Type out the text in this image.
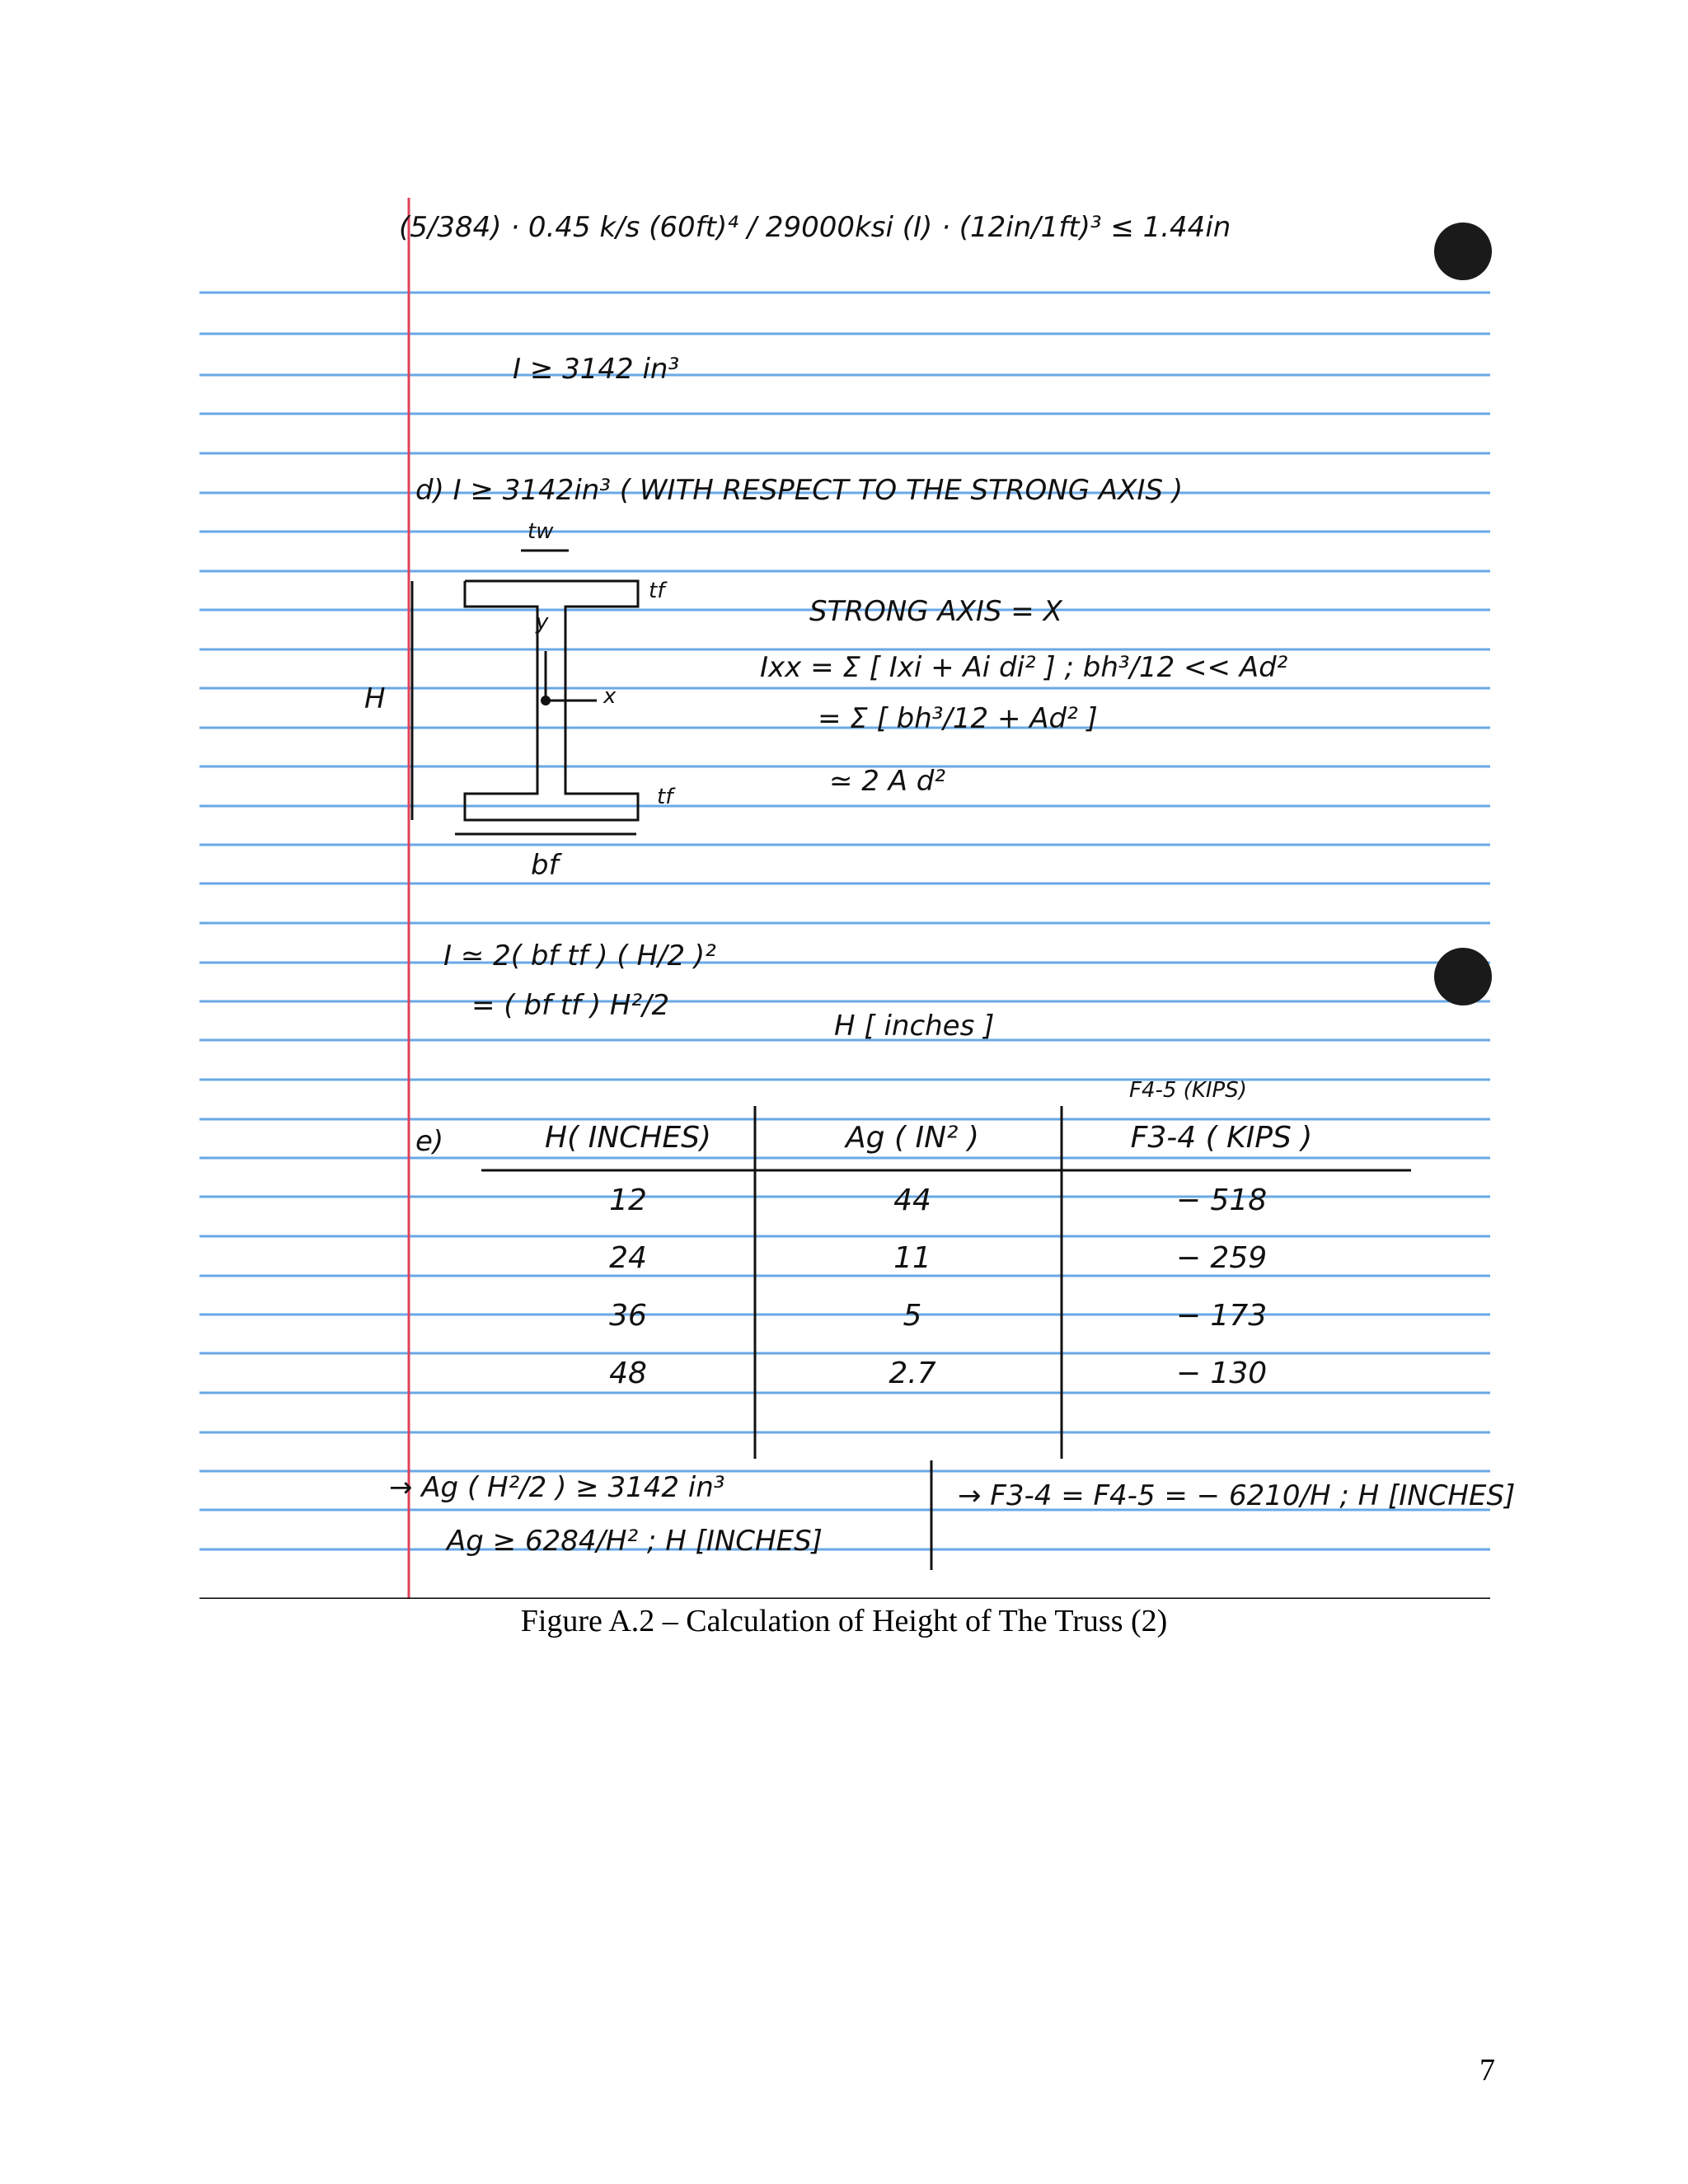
(5/384) · 0.45 k/s (60ft)⁴ / 29000ksi (I) · (12in/1ft)³ ≤ 1.44in
I ≥ 3142 in³
d) I ≥ 3142in³ ( WITH RESPECT TO THE STRONG AXIS )
tw
tf
tf
y
x
H
bf
STRONG AXIS = X
Ixx = Σ [ Ixi + Ai di² ] ; bh³/12 << Ad²
= Σ [ bh³/12 + Ad² ]
≃ 2 A d²
I ≃ 2( bf tf ) ( H/2 )²
= ( bf tf ) H²/2
H [ inches ]
F4-5 (KIPS)
e)	H( INCHES)	Ag ( IN² )	F3-4 ( KIPS )
12	44	− 518
24	11	− 259
36	5	− 173
48	2.7	− 130
→ Ag ( H²/2 ) ≥ 3142 in³
Ag ≥ 6284/H² ; H [INCHES]
→ F3-4 = F4-5 = − 6210/H ; H [INCHES]
Figure A.2 – Calculation of Height of The Truss (2)
7
